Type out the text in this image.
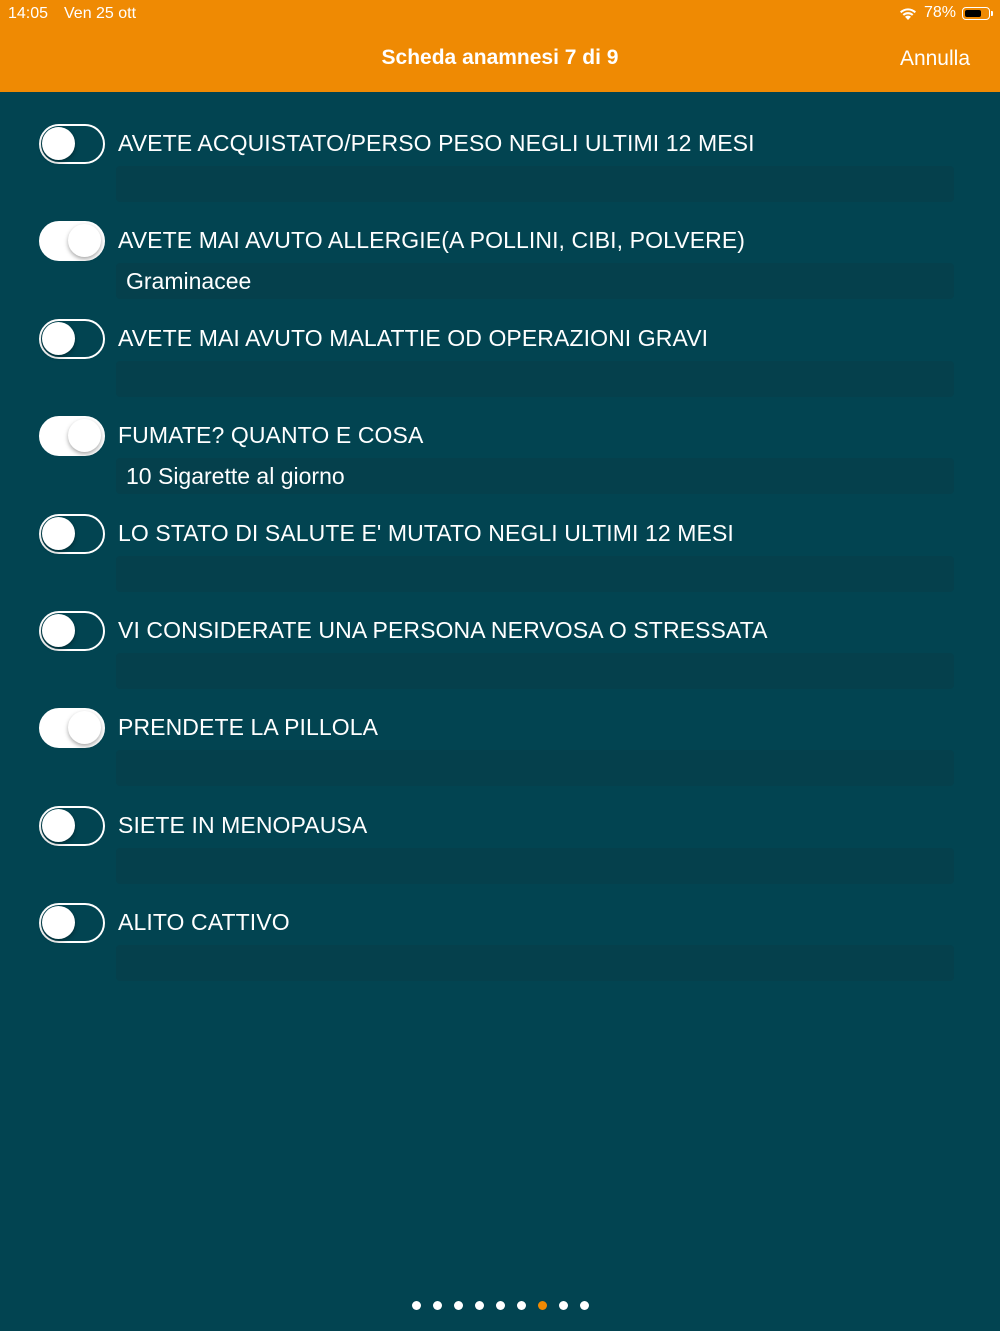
14:05 Ven 25 ott	78%
Scheda anamnesi 7 di 9	Annulla
AVETE ACQUISTATO/PERSO PESO NEGLI ULTIMI 12 MESI
AVETE MAI AVUTO ALLERGIE(A POLLINI, CIBI, POLVERE)
Graminacee
AVETE MAI AVUTO MALATTIE OD OPERAZIONI GRAVI
FUMATE? QUANTO E COSA
10 Sigarette al giorno
LO STATO DI SALUTE E' MUTATO NEGLI ULTIMI 12 MESI
VI CONSIDERATE UNA PERSONA NERVOSA O STRESSATA
PRENDETE LA PILLOLA
SIETE IN MENOPAUSA
ALITO CATTIVO
